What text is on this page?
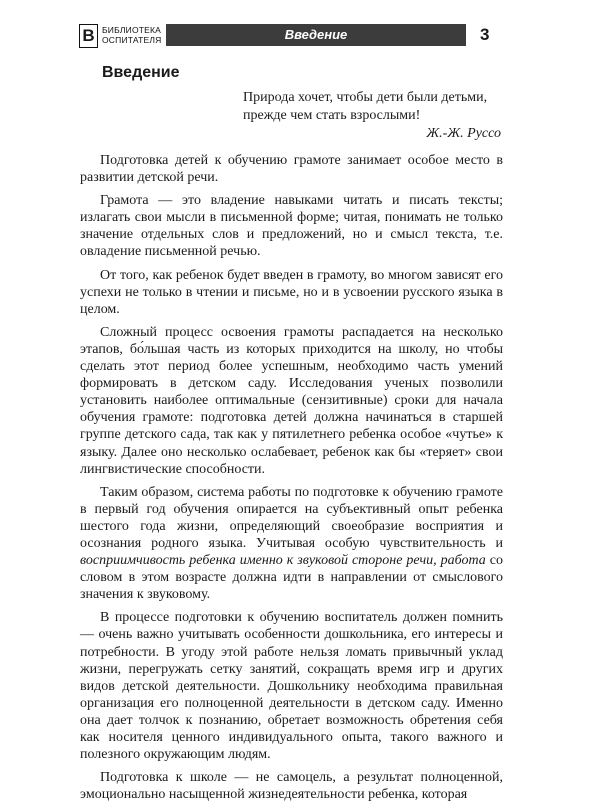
B БИБЛИОТЕКА
ОСПИТАТЕЛЯ	Введение	3
Введение
Природа хочет, чтобы дети были детьми,
прежде чем стать взрослыми!
Ж.-Ж. Руссо

Подготовка детей к обучению грамоте занимает особое место в развитии детской речи.

Грамота — это владение навыками читать и писать тексты; излагать свои мысли в письменной форме; читая, понимать не только значение отдельных слов и предложений, но и смысл текста, т.е. овладение письменной речью.

От того, как ребенок будет введен в грамоту, во многом зависят его успехи не только в чтении и письме, но и в усвоении русского языка в целом.

Сложный процесс освоения грамоты распадается на несколько этапов, бо́льшая часть из которых приходится на школу, но чтобы сделать этот период более успешным, необходимо часть умений формировать в детском саду. Исследования ученых позволили установить наиболее оптимальные (сензитивные) сроки для начала обучения грамоте: подготовка детей должна начинаться в старшей группе детского сада, так как у пятилетнего ребенка особое «чутье» к языку. Далее оно несколько ослабевает, ребенок как бы «теряет» свои лингвистические способности.

Таким образом, система работы по подготовке к обучению грамоте в первый год обучения опирается на субъективный опыт ребенка шестого года жизни, определяющий своеобразие восприятия и осознания родного языка. Учитывая особую чувствительность и восприимчивость ребенка именно к звуковой стороне речи, работа со словом в этом возрасте должна идти в направлении от смыслового значения к звуковому.

В процессе подготовки к обучению воспитатель должен помнить — очень важно учитывать особенности дошкольника, его интересы и потребности. В угоду этой работе нельзя ломать привычный уклад жизни, перегружать сетку занятий, сокращать время игр и других видов детской деятельности. Дошкольнику необходима правильная организация его полноценной деятельности в детском саду. Именно она дает толчок к познанию, обретает возможность обретения себя как носителя ценного индивидуального опыта, такого важного и полезного окружающим людям.

Подготовка к школе — не самоцель, а результат полноценной, эмоционально насыщенной жизнедеятельности ребенка, которая
